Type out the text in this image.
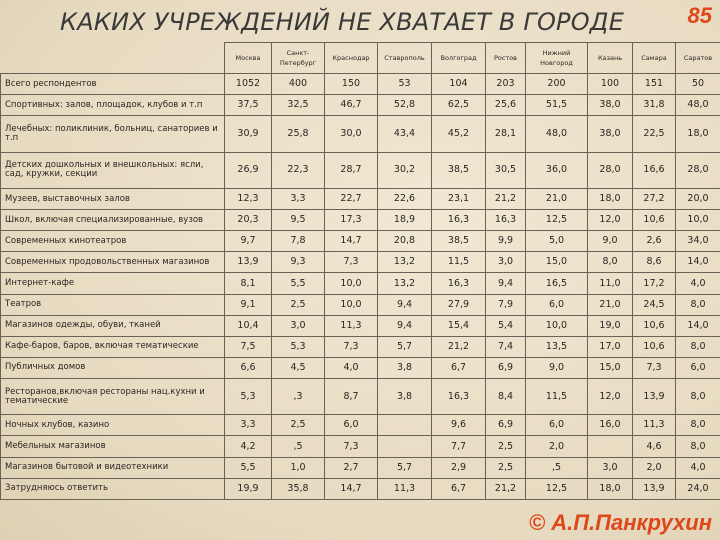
КАКИХ УЧРЕЖДЕНИЙ НЕ ХВАТАЕТ В ГОРОДЕ	85
	Москва	Санкт-Петербург	Краснодар	Ставрополь	Волгоград	Ростов	Нижний Новгород	Казань	Самара	Саратов
Всего респондентов	1052	400	150	53	104	203	200	100	151	50
Спортивных: залов, площадок, клубов и т.п	37,5	32,5	46,7	52,8	62,5	25,6	51,5	38,0	31,8	48,0
Лечебных: поликлиник, больниц, санаториев и т.п	30,9	25,8	30,0	43,4	45,2	28,1	48,0	38,0	22,5	18,0
Детских дошкольных и внешкольных: ясли, сад, кружки, секции	26,9	22,3	28,7	30,2	38,5	30,5	36,0	28,0	16,6	28,0
Музеев, выставочных залов	12,3	3,3	22,7	22,6	23,1	21,2	21,0	18,0	27,2	20,0
Школ, включая специализированные, вузов	20,3	9,5	17,3	18,9	16,3	16,3	12,5	12,0	10,6	10,0
Современных кинотеатров	9,7	7,8	14,7	20,8	38,5	9,9	5,0	9,0	2,6	34,0
Современных продовольственных магазинов	13,9	9,3	7,3	13,2	11,5	3,0	15,0	8,0	8,6	14,0
Интернет-кафе	8,1	5,5	10,0	13,2	16,3	9,4	16,5	11,0	17,2	4,0
Театров	9,1	2,5	10,0	9,4	27,9	7,9	6,0	21,0	24,5	8,0
Магазинов одежды, обуви, тканей	10,4	3,0	11,3	9,4	15,4	5,4	10,0	19,0	10,6	14,0
Кафе-баров, баров, включая тематические	7,5	5,3	7,3	5,7	21,2	7,4	13,5	17,0	10,6	8,0
Публичных домов	6,6	4,5	4,0	3,8	6,7	6,9	9,0	15,0	7,3	6,0
Ресторанов,включая рестораны нац.кухни и тематические	5,3	,3	8,7	3,8	16,3	8,4	11,5	12,0	13,9	8,0
Ночных клубов, казино	3,3	2,5	6,0		9,6	6,9	6,0	16,0	11,3	8,0
Мебельных магазинов	4,2	,5	7,3		7,7	2,5	2,0		4,6	8,0
Магазинов бытовой и видеотехники	5,5	1,0	2,7	5,7	2,9	2,5	,5	3,0	2,0	4,0
Затрудняюсь ответить	19,9	35,8	14,7	11,3	6,7	21,2	12,5	18,0	13,9	24,0
© А.П.Панкрухин
